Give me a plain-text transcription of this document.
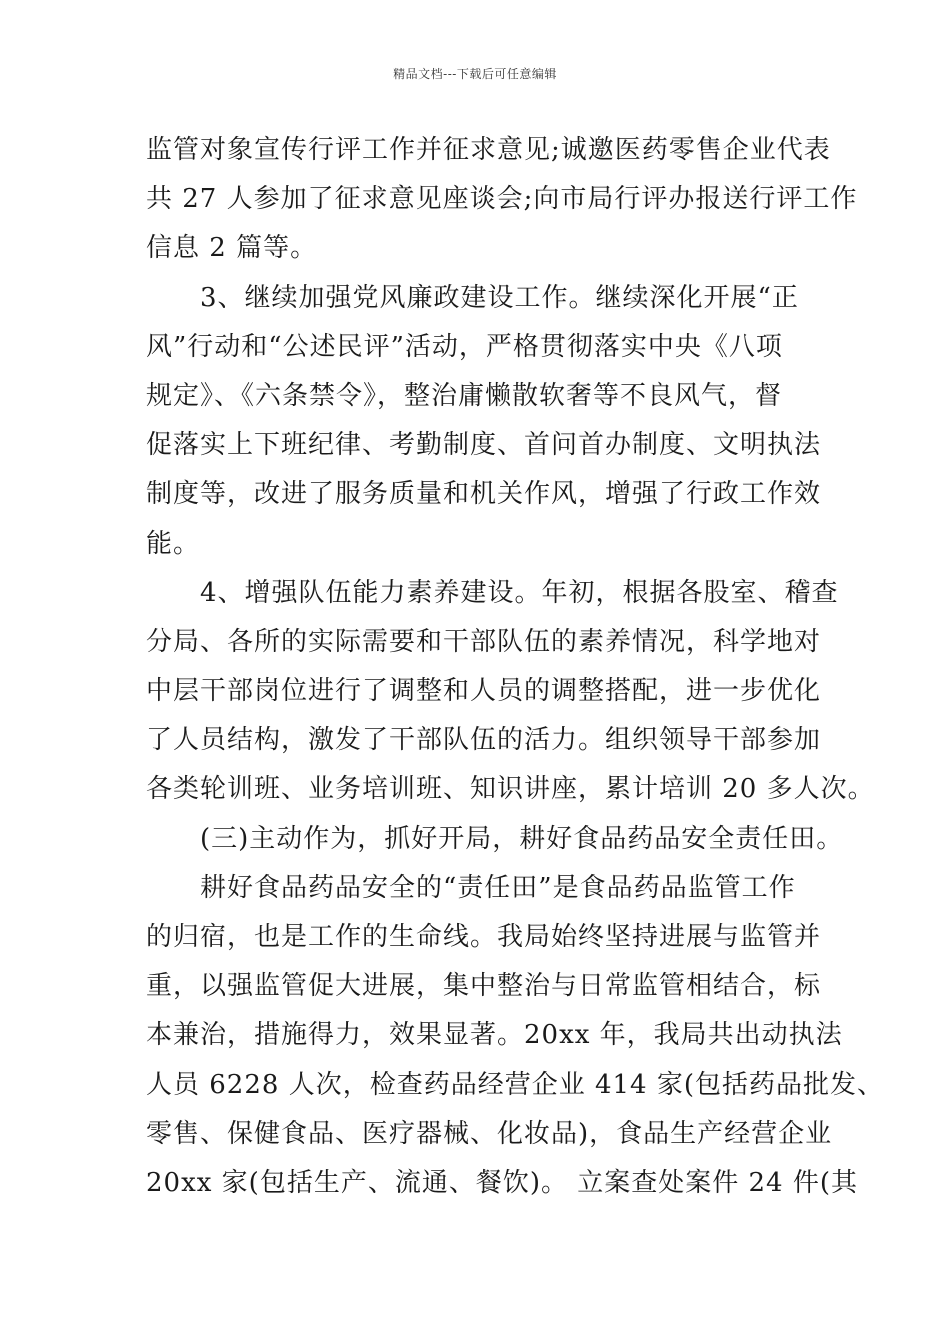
精品文档---下载后可任意编辑
监管对象宣传行评工作并征求意见;诚邀医药零售企业代表
共 27 人参加了征求意见座谈会;向市局行评办报送行评工作
信息 2 篇等。
　　3、继续加强党风廉政建设工作。继续深化开展“正
风”行动和“公述民评”活动，严格贯彻落实中央《八项
规定》、《六条禁令》，整治庸懒散软奢等不良风气，督
促落实上下班纪律、考勤制度、首问首办制度、文明执法
制度等，改进了服务质量和机关作风，增强了行政工作效
能。
　　4、增强队伍能力素养建设。年初，根据各股室、稽查
分局、各所的实际需要和干部队伍的素养情况，科学地对
中层干部岗位进行了调整和人员的调整搭配，进一步优化
了人员结构，激发了干部队伍的活力。组织领导干部参加
各类轮训班、业务培训班、知识讲座，累计培训 20 多人次。
　　(三)主动作为，抓好开局，耕好食品药品安全责任田。
　　耕好食品药品安全的“责任田”是食品药品监管工作
的归宿，也是工作的生命线。我局始终坚持进展与监管并
重，以强监管促大进展，集中整治与日常监管相结合，标
本兼治，措施得力，效果显著。20xx 年，我局共出动执法
人员 6228 人次，检查药品经营企业 414 家(包括药品批发、
零售、保健食品、医疗器械、化妆品)，食品生产经营企业
20xx 家(包括生产、流通、餐饮)。 立案查处案件 24 件(其
